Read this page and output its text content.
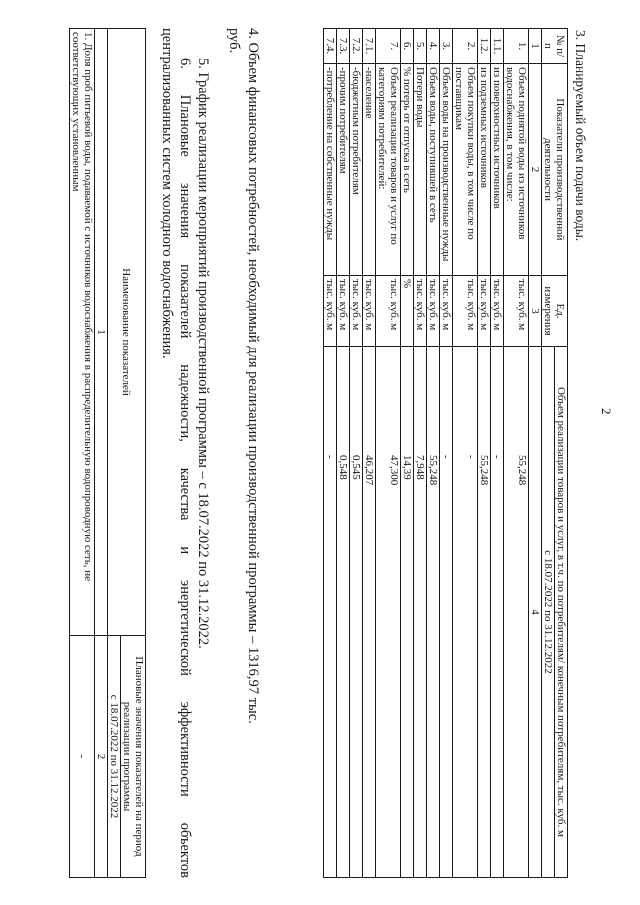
2
3. Планируемый объем подачи воды.
№ п/п	Показатели производственной деятельности	Ед. измерения	Объем реализации товаров и услуг, в т.ч. по потребителям/ конечным потребителям, тыс. куб. м
			с 18.07.2022 по 31.12.2022
1	2	3	4
1.	Объем поднятой воды из источников водоснабжения, в том числе:	тыс. куб. м	55,248
1.1.	из поверхностных источников	тыс. куб. м	-
1.2.	из подземных источников	тыс. куб. м	55,248
2.	Объем покупки воды, в том числе по поставщикам	тыс. куб. м	-
3.	Объем воды на производственные нужды	тыс. куб. м	-
4.	Объем воды, поступившей в сеть	тыс. куб. м	55,248
5.	Потери воды	тыс. куб. м	7,948
6.	% потерь от отпуска в сеть	%	14,39
7.	Объем реализации товаров и услуг по категориям потребителей:	тыс. куб. м	47,300
7.1.	-население	тыс. куб. м	46,207
7.2.	-бюджетным потребителям	тыс. куб. м	0,545
7.3.	-прочим потребителям	тыс. куб. м	0,548
7.4.	-потребление на собственные нужды	тыс. куб. м	-
4. Объем финансовых потребностей, необходимый для реализации производственной программы – 1316,97 тыс.
руб.
5. График реализации мероприятий производственной программы – с 18.07.2022 по 31.12.2022.
6. Плановые значения показателей надежности, качества и энергетической эффективности объектов
централизованных систем холодного водоснабжения.
Наименование показателей	Плановые значения показателей на период реализации программы
	с 18.07.2022 по 31.12.2022
1	2
1. Доля проб питьевой воды, подаваемой с источников водоснабжения в распределительную водопроводную сеть, не соответствующих установленным	-
